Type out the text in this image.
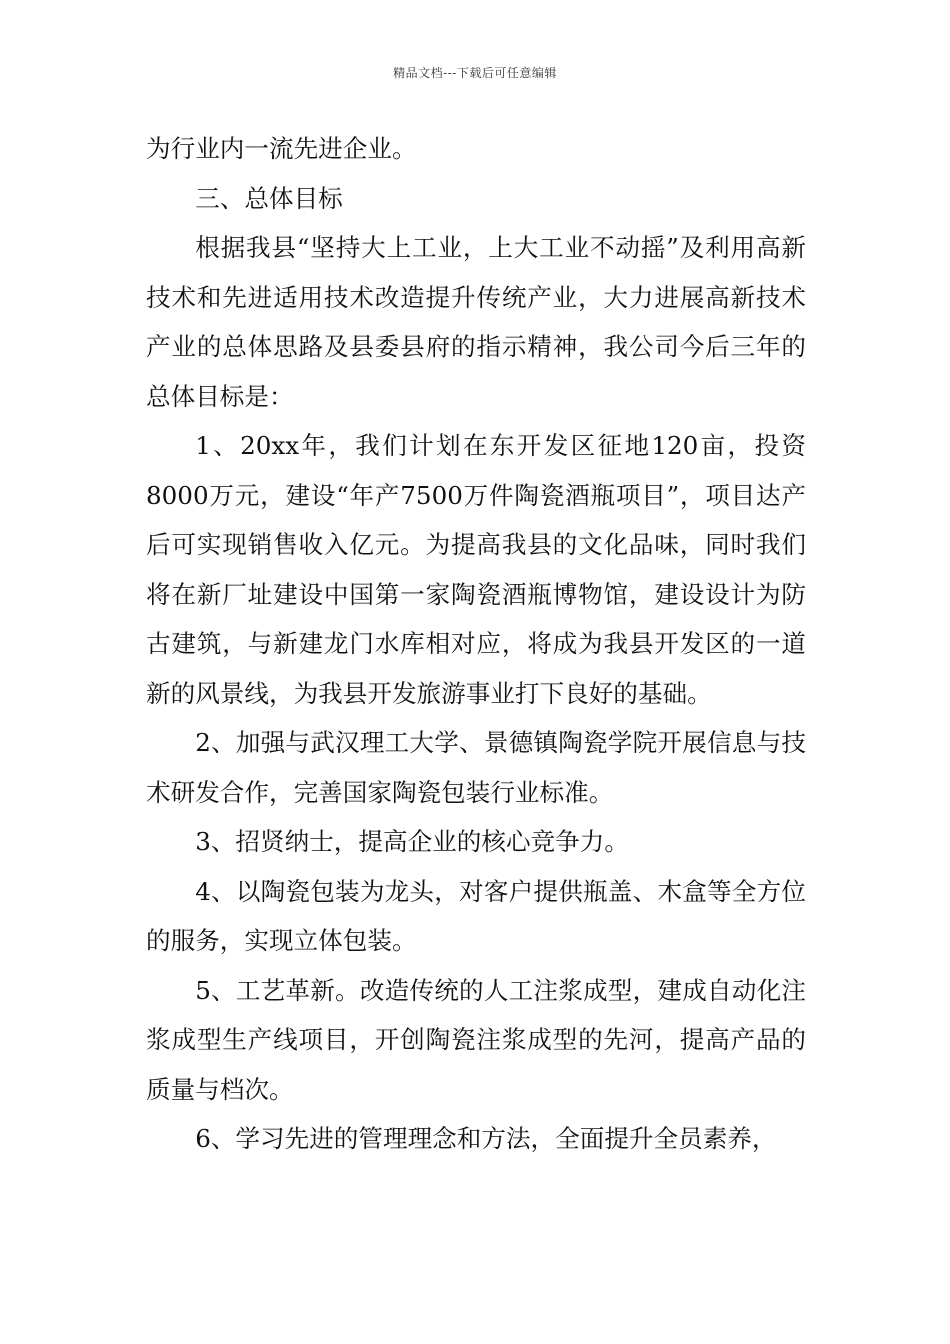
精品文档---下载后可任意编辑

为行业内一流先进企业。

三、总体目标

根据我县“坚持大上工业，上大工业不动摇”及利用高新技术和先进适用技术改造提升传统产业，大力进展高新技术产业的总体思路及县委县府的指示精神，我公司今后三年的总体目标是：

1、20xx年，我们计划在东开发区征地120亩，投资8000万元，建设“年产7500万件陶瓷酒瓶项目”，项目达产后可实现销售收入亿元。为提高我县的文化品味，同时我们将在新厂址建设中国第一家陶瓷酒瓶博物馆，建设设计为防古建筑，与新建龙门水库相对应，将成为我县开发区的一道新的风景线，为我县开发旅游事业打下良好的基础。

2、加强与武汉理工大学、景德镇陶瓷学院开展信息与技术研发合作，完善国家陶瓷包装行业标准。

3、招贤纳士，提高企业的核心竞争力。

4、以陶瓷包装为龙头，对客户提供瓶盖、木盒等全方位的服务，实现立体包装。

5、工艺革新。改造传统的人工注浆成型，建成自动化注浆成型生产线项目，开创陶瓷注浆成型的先河，提高产品的质量与档次。

6、学习先进的管理理念和方法，全面提升全员素养，
